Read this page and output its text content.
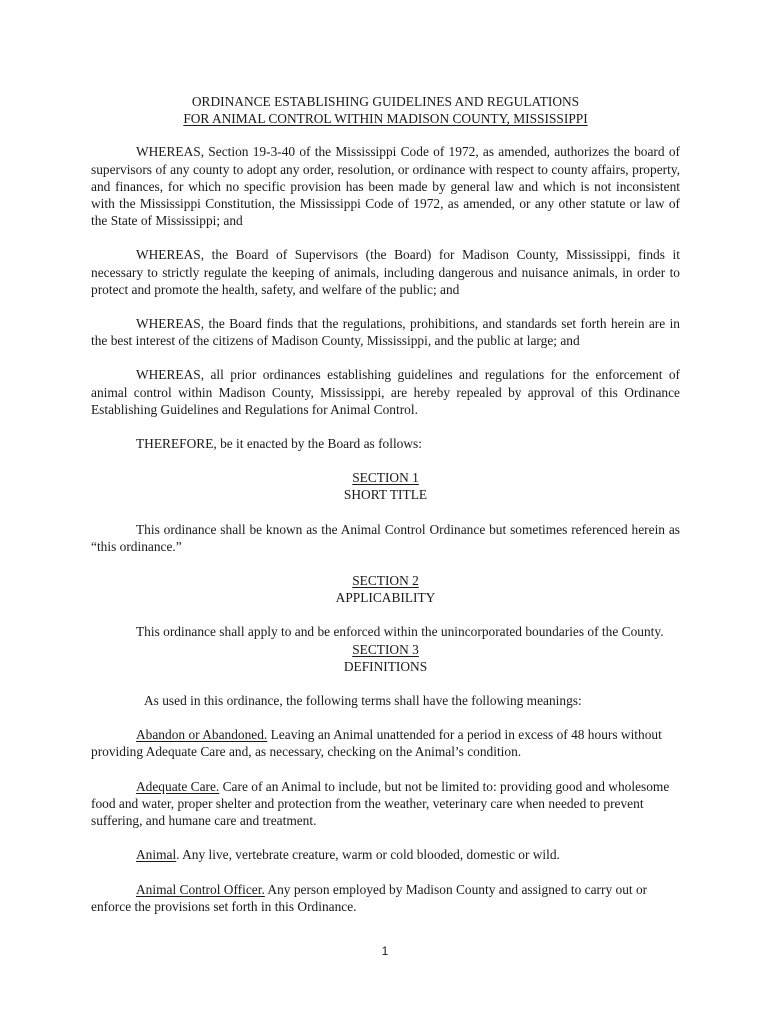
ORDINANCE ESTABLISHING GUIDELINES AND REGULATIONS
FOR ANIMAL CONTROL WITHIN MADISON COUNTY, MISSISSIPPI

WHEREAS, Section 19-3-40 of the Mississippi Code of 1972, as amended, authorizes the board of supervisors of any county to adopt any order, resolution, or ordinance with respect to county affairs, property, and finances, for which no specific provision has been made by general law and which is not inconsistent with the Mississippi Constitution, the Mississippi Code of 1972, as amended, or any other statute or law of the State of Mississippi; and

WHEREAS, the Board of Supervisors (the Board) for Madison County, Mississippi, finds it necessary to strictly regulate the keeping of animals, including dangerous and nuisance animals, in order to protect and promote the health, safety, and welfare of the public; and

WHEREAS, the Board finds that the regulations, prohibitions, and standards set forth herein are in the best interest of the citizens of Madison County, Mississippi, and the public at large; and

WHEREAS, all prior ordinances establishing guidelines and regulations for the enforcement of animal control within Madison County, Mississippi, are hereby repealed by approval of this Ordinance Establishing Guidelines and Regulations for Animal Control.

THEREFORE, be it enacted by the Board as follows:

SECTION 1
SHORT TITLE

This ordinance shall be known as the Animal Control Ordinance but sometimes referenced herein as “this ordinance.”

SECTION 2
APPLICABILITY

This ordinance shall apply to and be enforced within the unincorporated boundaries of the County.

SECTION 3
DEFINITIONS

As used in this ordinance, the following terms shall have the following meanings:

Abandon or Abandoned. Leaving an Animal unattended for a period in excess of 48 hours without providing Adequate Care and, as necessary, checking on the Animal’s condition.

Adequate Care. Care of an Animal to include, but not be limited to: providing good and wholesome food and water, proper shelter and protection from the weather, veterinary care when needed to prevent suffering, and humane care and treatment.

Animal. Any live, vertebrate creature, warm or cold blooded, domestic or wild.

Animal Control Officer. Any person employed by Madison County and assigned to carry out or enforce the provisions set forth in this Ordinance.

1
